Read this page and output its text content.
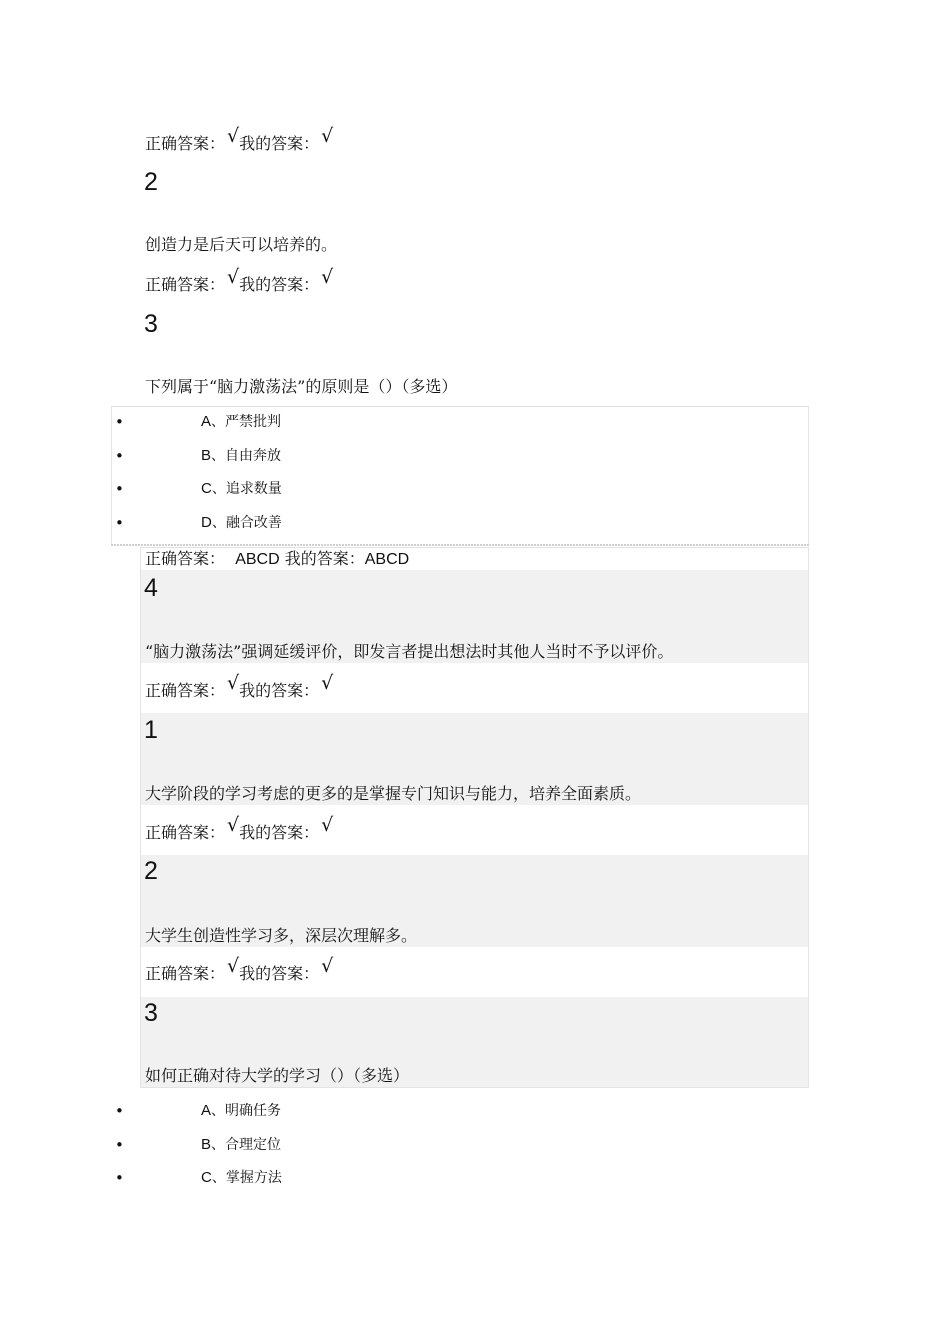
正确答案： √我的答案： √
2
创造力是后天可以培养的。
正确答案： √我的答案： √
3
下列属于“脑力激荡法”的原则是（）（多选）
•	A、严禁批判
•	B、自由奔放
•	C、追求数量
•	D、融合改善
正确答案： ABCD 我的答案：ABCD
4
“脑力激荡法”强调延缓评价，即发言者提出想法时其他人当时不予以评价。
正确答案： √我的答案： √
1
大学阶段的学习考虑的更多的是掌握专门知识与能力，培养全面素质。
正确答案： √我的答案： √
2
大学生创造性学习多，深层次理解多。
正确答案： √我的答案： √
3
如何正确对待大学的学习（）（多选）
•	A、明确任务
•	B、合理定位
•	C、掌握方法
